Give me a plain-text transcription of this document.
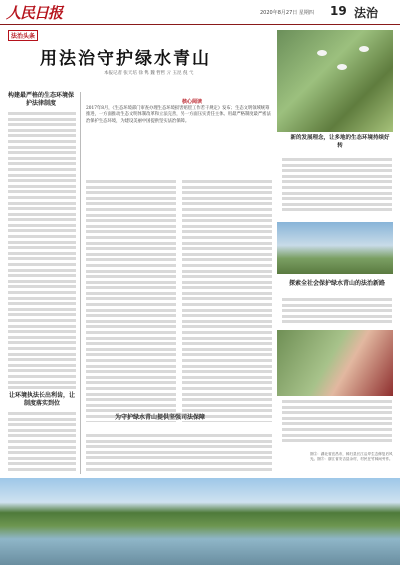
人民日报	2020年8月27日 星期四 19 法治
法治头条
用法治守护绿水青山
本报记者 张天培 徐 隽 魏 哲哲 亓 玉昆 倪 弋
核心阅读
2017年8月，《生态环境部门审查办理生态环境损害赔偿工作若干规定》发布；生态文明领域统筹推进，一方面推动生态文明体制改革和立法完善，另一方面压实责任主体。用最严格制度最严密法治保护生态环境，为建设美丽中国提供坚实法治保障。
构建最严格的生态环境保护法律制度
让环境执法长出利齿，让制度落实到位
为守护绿水青山提供坚强司法保障
新的发展理念，让多地的生态环境持续好转
探索全社会保护绿水青山的法治新路
图②：湖北省宜昌市，秭归县长江沿岸生态修复后风光。图③：浙江省安吉县余村，村民在竹林间劳作。
